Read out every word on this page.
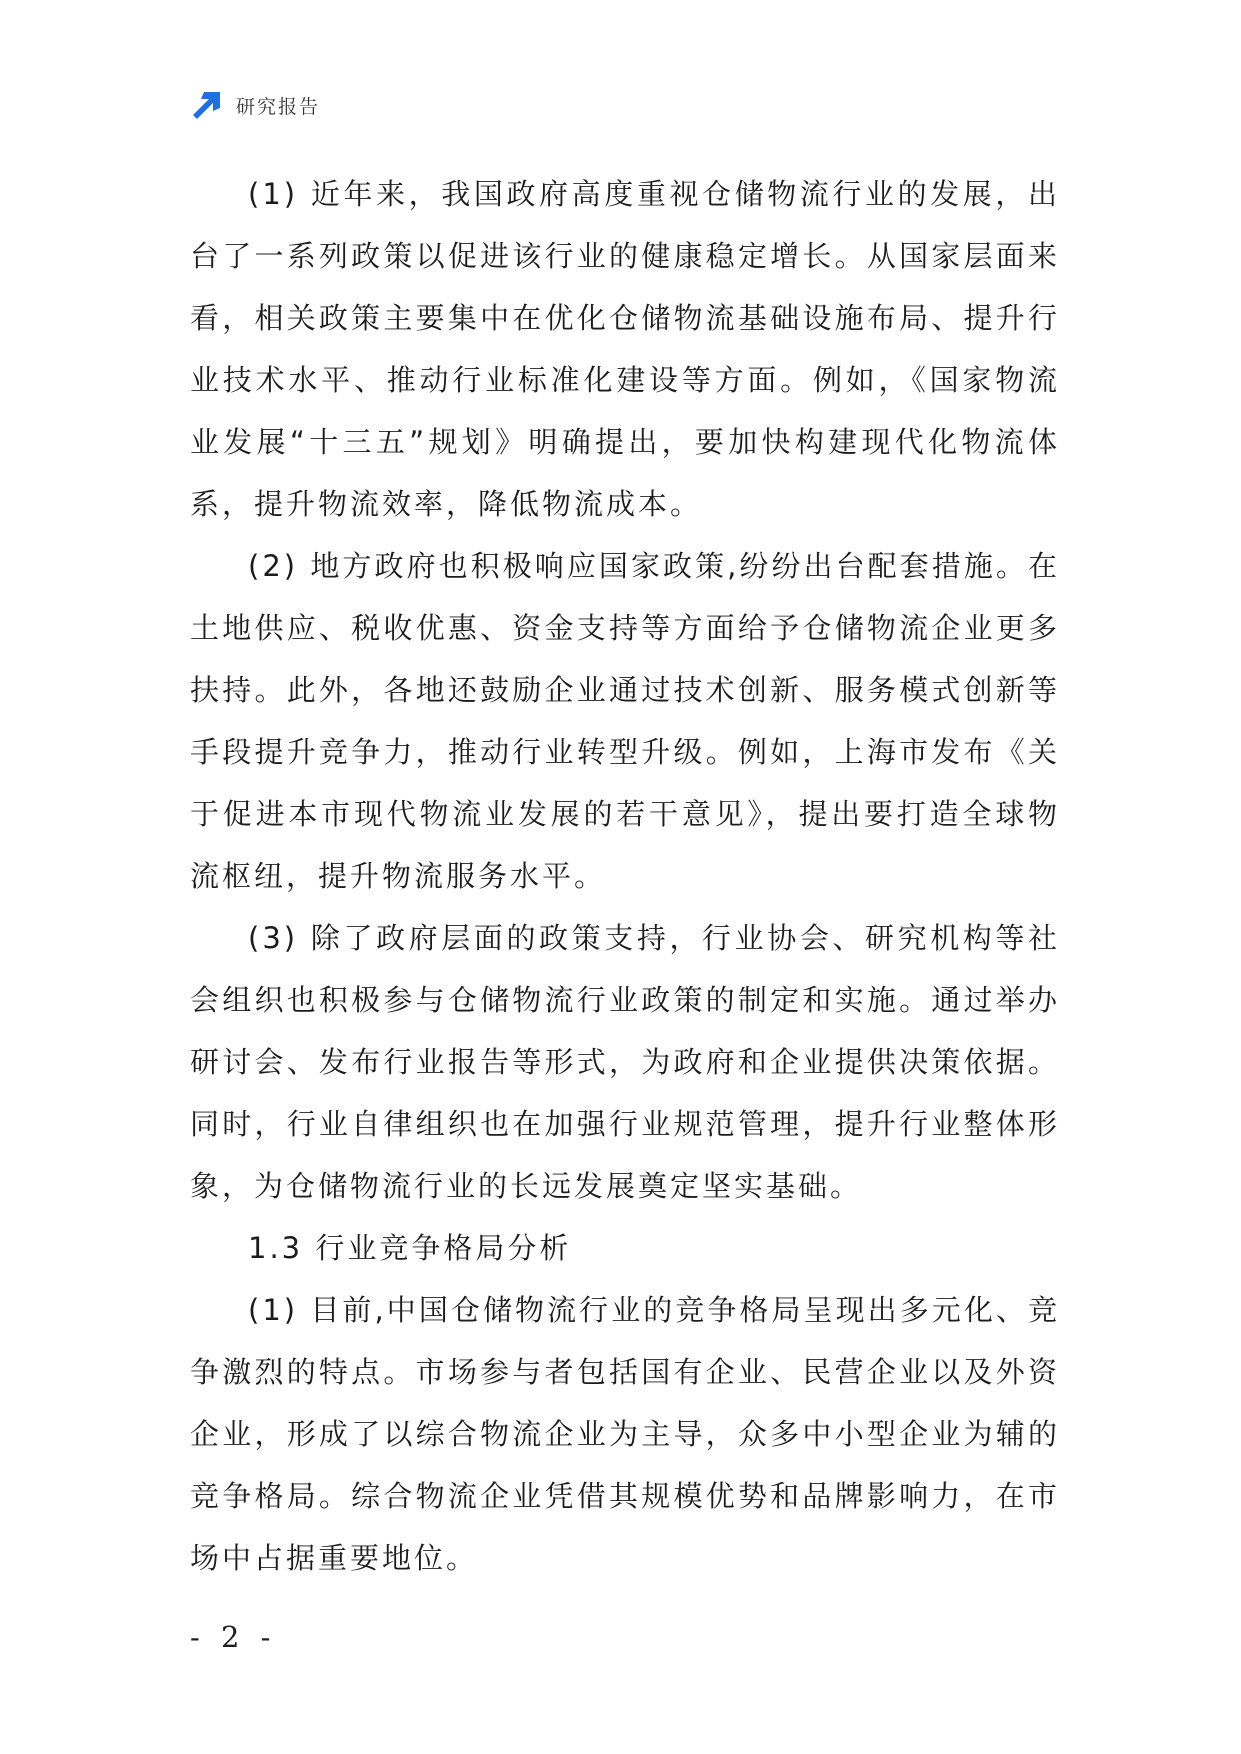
研究报告

(1) 近年来，我国政府高度重视仓储物流行业的发展，出台了一系列政策以促进该行业的健康稳定增长。从国家层面来看，相关政策主要集中在优化仓储物流基础设施布局、提升行业技术水平、推动行业标准化建设等方面。例如，《国家物流业发展“十三五”规划》明确提出，要加快构建现代化物流体系，提升物流效率，降低物流成本。

(2) 地方政府也积极响应国家政策,纷纷出台配套措施。在土地供应、税收优惠、资金支持等方面给予仓储物流企业更多扶持。此外，各地还鼓励企业通过技术创新、服务模式创新等手段提升竞争力，推动行业转型升级。例如，上海市发布《关于促进本市现代物流业发展的若干意见》，提出要打造全球物流枢纽，提升物流服务水平。

(3) 除了政府层面的政策支持，行业协会、研究机构等社会组织也积极参与仓储物流行业政策的制定和实施。通过举办研讨会、发布行业报告等形式，为政府和企业提供决策依据。同时，行业自律组织也在加强行业规范管理，提升行业整体形象，为仓储物流行业的长远发展奠定坚实基础。

1.3 行业竞争格局分析

(1) 目前,中国仓储物流行业的竞争格局呈现出多元化、竞争激烈的特点。市场参与者包括国有企业、民营企业以及外资企业，形成了以综合物流企业为主导，众多中小型企业为辅的竞争格局。综合物流企业凭借其规模优势和品牌影响力，在市场中占据重要地位。

- 2 -
